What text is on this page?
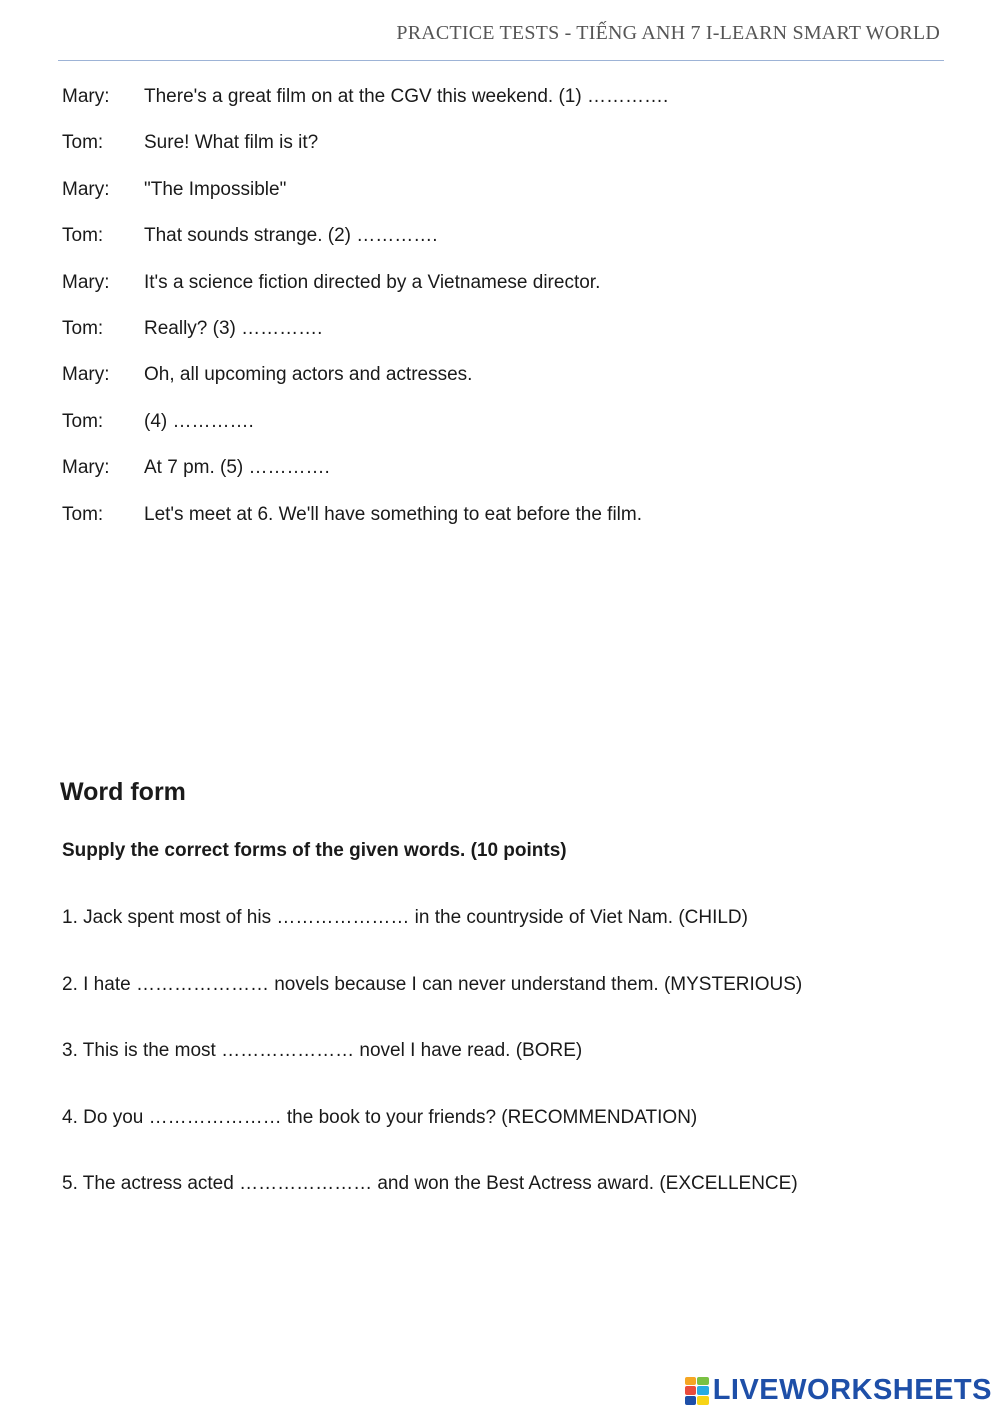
PRACTICE TESTS - TIẾNG ANH 7 I-LEARN SMART WORLD
Mary:	There's a great film on at the CGV this weekend. (1) ………….
Tom:	Sure! What film is it?
Mary:	"The Impossible"
Tom:	That sounds strange. (2) ………….
Mary:	It's a science fiction directed by a Vietnamese director.
Tom:	Really? (3) ………….
Mary:	Oh, all upcoming actors and actresses.
Tom:	(4) ………….
Mary:	At 7 pm. (5) ………….
Tom:	Let's meet at 6. We'll have something to eat before the film.
Word form
Supply the correct forms of the given words. (10 points)
1. Jack spent most of his ………………… in the countryside of Viet Nam. (CHILD)
2. I hate ………………… novels because I can never understand them. (MYSTERIOUS)
3. This is the most ………………… novel I have read. (BORE)
4. Do you ………………… the book to your friends? (RECOMMENDATION)
5. The actress acted ………………… and won the Best Actress award. (EXCELLENCE)
LIVEWORKSHEETS
